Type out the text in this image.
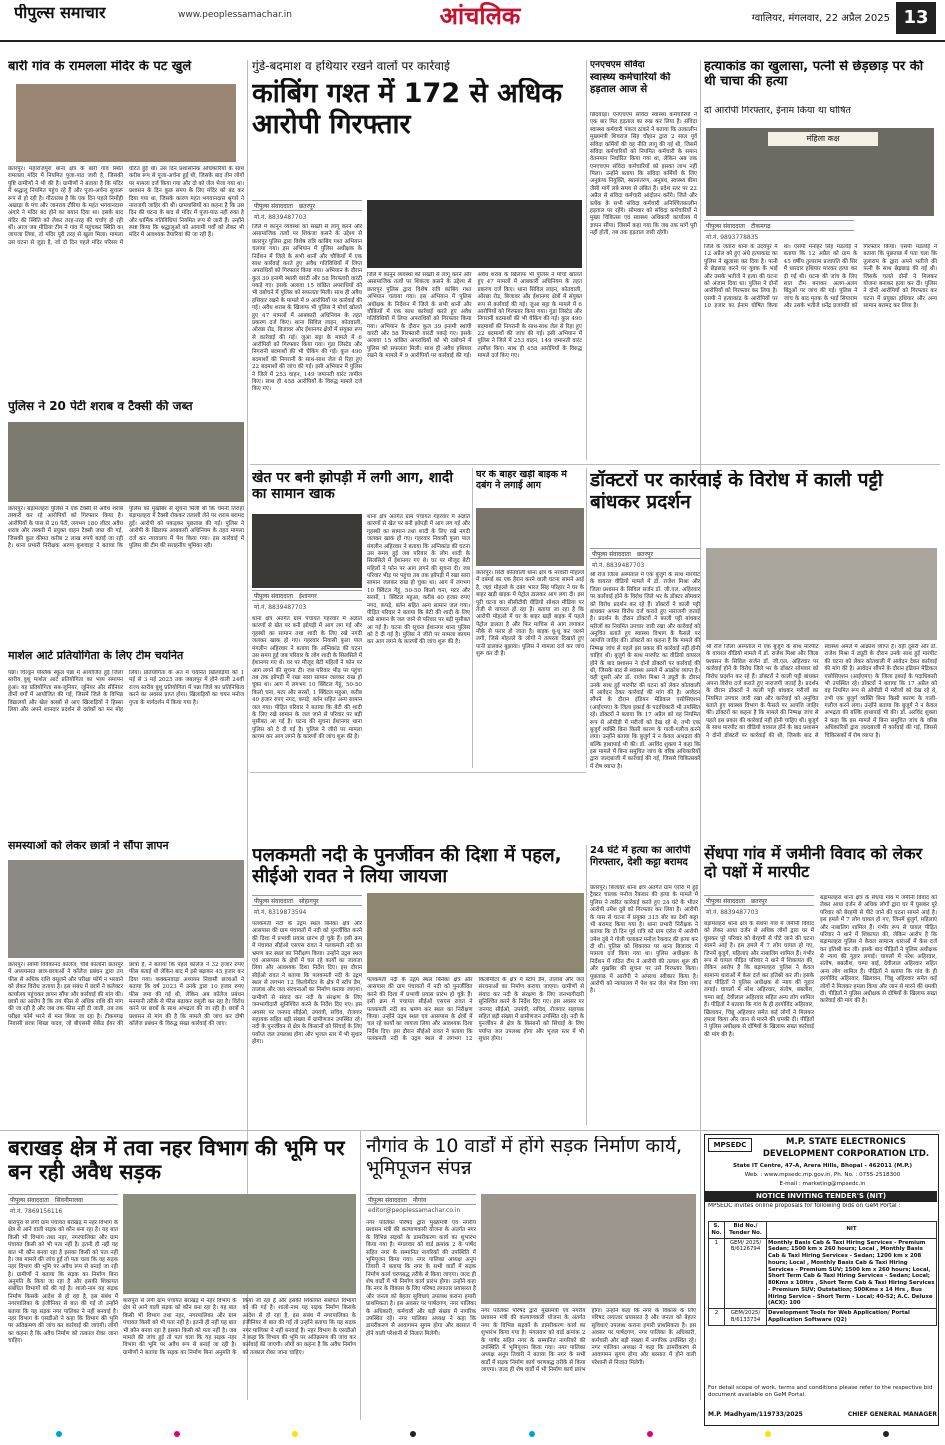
पीपुल्स समाचार	www.peoplessamachar.in	आंचलिक	ग्वालियर, मंगलवार, 22 अप्रैल 2025 13
बारी गांव के रामलला मंदिर के पट खुले
छतरपुर। महाराजपुरा थाना क्षेत्र के बारी गांव स्थित रामलला मंदिर में नियमित पूजा-पाठ जारी है, जिसकी पुष्टि ग्रामीणों ने भी की है। ग्रामीणों ने बताया है कि मंदिर में श्रद्धालु नियमित पहुंच रहे हैं और पूजा-अर्चना सुचारू रूप से हो रही है। गौरतलब है कि एक दिन पहले निर्मोही अखाड़ा के पंच और जानराय टौरिया के महंत भगवानदास अंगारे ने मंदिर बंद होने का बयान दिया था। इसके बाद मंदिर की स्थिति को लेकर तरह-तरह की चर्चाएं हो रही थीं। आज जब मीडिया टीम ने गांव में पहुंचकर स्थिति का जायजा लिया, तो मंदिर पूरी तरह से खुला मिला। मामला उस घटना से जुड़ा है, जो दो दिन पहले मंदिर परिसर में घटित हुई थी। उस दिन प्रशासनिक अधिकारियों के साथ करीब रूप से पूजा-अर्चना हुई थी, जिसके बाद तीन लोगों पर मामला दर्ज किया गया और दो को जेल भेजा गया था। प्रशासन के दिन कुछ समय के लिए मंदिर को बंद कर दिया गया था, जिसके कारण महंत भगवानदास श्रृंगारे ने नाराजगी जाहिर की थी। ग्रामवासियों का कहना है कि उस दिन की घटना के बाद से मंदिर में पूजा-पाठ नहीं रुका है और धार्मिक गतिविधियां नियमित रूप से जारी हैं। उन्होंने स्पष्ट किया कि श्रद्धालुओं को आगामी पर्वों को लेकर भी मंदिर में आवश्यक तैयारियां की जा रही हैं।
पुलिस ने 20 पेटी शराब व टैक्सी की जब्त
छतरपुर। बड़ामलहरा पुलिस ने एक टैक्सी से अवैध शराब तस्करी कर रहे आरोपियों को गिरफ्तार किया है। आरोपियों के पास से 20 पेटी, लगभग 180 लीटर अवैध शराब और तस्करी में प्रयुक्त वाहन टैक्सी जब्त की गई, जिसकी कुल कीमत करीब 2 लाख रुपये बताई जा रही है। थाना प्रभारी निरीक्षक अरुण कुशवाहा ने बताया कि पुलिस को मुखबिर से सूचना मिली थी कि चमनी तिराहा बड़ामलहरा में टैक्सी रोककर तलाशी लेने पर शराब बरामद हुई। आरोपी को पकड़कर पूछताछ की गई। पुलिस ने आरोपी के खिलाफ आबकारी अधिनियम के तहत मामला दर्ज कर न्यायालय में पेश किया गया। इस कार्रवाई में पुलिस की टीम की सराहनीय भूमिका रही।
मार्शल आर्ट प्रतियोगिता के लिए टीम चयनित
पन्ना। चिल्ड्रन पब्लिक स्कूल पन्ना में आयोजित हुई जिला स्तरीय वुशु मार्शल आर्ट प्रतियोगिता का भव्य समापन हुआ। यह प्रतियोगिता सब-जूनियर, जूनियर और सीनियर तीनों वर्गों में आयोजित की गई, जिसमें जिले के विभिन्न विद्यालयों और खेल क्लबों से आए खिलाड़ियों ने हिस्सा लिया और अपने शानदार प्रदर्शन से दर्शकों का मन मोह लिया। प्रतियोगिता के अंत में चयनित खिलाड़ियों को 1 मई से 3 मई 2025 तक जबलपुर में होने वाली 24वीं राज्य स्तरीय वुशु प्रतियोगिता में पन्ना जिले का प्रतिनिधित्व करने का अवसर प्राप्त होगा। खिलाड़ियों का चयन मनोज गुप्ता के मार्गदर्शन में किया गया है।
समस्याओं को लेकर छात्रों ने सौंपा ज्ञापन
छतरपुर। स्वामी विवेकानंद कॉलेज, चौबे कॉलोनी छतरपुर में अध्ययनरत छात्र-छात्राओं ने कॉलेज प्रबंधन द्वारा तय फीस से अधिक राशि वसूलने और परीक्षा फॉर्म न भरवाने को लेकर विरोध जताया है। इस संबंध में छात्रों ने कलेक्टर कार्यालय पहुंचकर ज्ञापन सौंपा और कार्रवाई की मांग की। छात्रों का आरोप है कि तय फीस से अधिक राशि की मांग की जा रही है और जब तक फीस नहीं दी जाती, तब तक परीक्षा फॉर्म भरने से मना किया जा रहा है। टीकमगढ़ निवासी छात्रा शिखा यादव, जो बीएससी सेकेंड ईयर की छात्रा है, ने बताया कि पहले कॉलेज ने 32 हजार रुपए फीस बताई थी लेकिन बाद में इसे बढ़ाकर 45 हजार कर दिया गया। कक्कनवाड़ा अध्ययन निवासी छात्राओं ने बताया कि वर्ष 2023 में उनके द्वारा 10 हजार रुपए फीस जमा की गई थी, लेकिन अब कॉलेज प्रबंधन मनमानी तरीके से फीस बढ़ाकर वसूली कर रहा है। विरोध करने पर छात्रों के साथ अभद्रता की जा रही है। छात्रों ने प्रशासन से मांग की है कि मामले की जांच कर दोषी कॉलेज प्रबंधन के विरुद्ध सख्त कार्रवाई की जाए।
गुंडे-बदमाश व हथियार रखने वालों पर कार्रवाई
कांबिंग गश्त में 172 से अधिक आरोपी गिरफ्तार
पीपुल्स संवाददाता छतरपुर
मो.नं. 8839487703
जिले में कानून व्यवस्था को सख्ती से लागू करने और असामाजिक तत्वों पर शिकंजा कसने के उद्देश्य से छतरपुर पुलिस द्वारा विशेष रात्रि कांबिंग गश्त अभियान चलाया गया। इस अभियान में पुलिस अधीक्षक के निर्देशन में जिले के सभी थानों और चौकियों में एक साथ कार्रवाई करते हुए अवैध गतिविधियों में लिप्त अपराधियों को गिरफ्तार किया गया। अभियान के दौरान कुल 39 इनामी स्थायी वारंटी और 58 गिरफ्तारी वारंटी पकड़े गए। इसके अलावा 15 वांछित अपराधियों को भी दबोचने में पुलिस को सफलता मिली। साथ ही अवैध हथियार रखने के मामले में 9 आरोपियों पर कार्रवाई की गई। अवैध शराब के खिलाफ भी पुलिस ने मोर्चा खोलते हुए 47 मामलों में आबकारी अधिनियम के तहत प्रकरण दर्ज किए। थाना सिविल लाइन, कोतवाली, ओरछा रोड, बिजावर और ईशानगर क्षेत्रों में संयुक्त रूप से कार्रवाई की गई। जुआ सट्टा के मामले में 6 आरोपियों को गिरफ्तार किया गया। गुंडा लिस्टेड और निगरानी बदमाशों की भी चेकिंग की गई। कुल 490 बदमाशों की निगरानी के साथ-साथ जेल से रिहा हुए 22 बदमाशों की जांच की गई। इसी अभियान में पुलिस ने जिले में 253 वाहन, 149 जमानती वारंट तामील किए। साथ ही 458 आरोपियों के विरुद्ध मामले दर्ज किए गए।
जिले में कानून व्यवस्था को सख्ती से लागू करने और असामाजिक तत्वों पर शिकंजा कसने के उद्देश्य से छतरपुर पुलिस द्वारा विशेष रात्रि कांबिंग गश्त अभियान चलाया गया। इस अभियान में पुलिस अधीक्षक के निर्देशन में जिले के सभी थानों और चौकियों में एक साथ कार्रवाई करते हुए अवैध गतिविधियों में लिप्त अपराधियों को गिरफ्तार किया गया। अभियान के दौरान कुल 39 इनामी स्थायी वारंटी और 58 गिरफ्तारी वारंटी पकड़े गए। इसके अलावा 15 वांछित अपराधियों को भी दबोचने में पुलिस को सफलता मिली। साथ ही अवैध हथियार रखने के मामले में 9 आरोपियों पर कार्रवाई की गई। अवैध शराब के खिलाफ भी पुलिस ने मोर्चा खोलते हुए 47 मामलों में आबकारी अधिनियम के तहत प्रकरण दर्ज किए। थाना सिविल लाइन, कोतवाली, ओरछा रोड, बिजावर और ईशानगर क्षेत्रों में संयुक्त रूप से कार्रवाई की गई। जुआ सट्टा के मामले में 6 आरोपियों को गिरफ्तार किया गया। गुंडा लिस्टेड और निगरानी बदमाशों की भी चेकिंग की गई। कुल 490 बदमाशों की निगरानी के साथ-साथ जेल से रिहा हुए 22 बदमाशों की जांच की गई। इसी अभियान में पुलिस ने जिले में 253 वाहन, 149 जमानती वारंट तामील किए। साथ ही 458 आरोपियों के विरुद्ध मामले दर्ज किए गए।
एनएचएम संविदा
स्वास्थ्य कर्मचारियों की हड़ताल आज से
छिंदवाड़ा। एनएचएम संविदा स्वास्थ्य कर्मचारियों ने एक बार फिर हड़ताल का रुख कर लिया है। संविदा स्वास्थ्य कर्मचारी पंकज ठाकरे ने बताया कि तत्कालीन मुख्यमंत्री शिवराज सिंह चौहान द्वारा 2 साल पूर्व संविदा कर्मियों की वह नीति लागू की गई थी, जिसमें संविदा कर्मचारियों को नियमित कर्मचारी के समान वेतनमान निर्धारित किया गया था, लेकिन अब तक एनएचएम संविदा कर्मचारियों को इसका लाभ नहीं मिला। उन्होंने बताया कि संविदा कर्मियों के लिए अनुकंपा नियुक्ति, स्थानांतरण, अनुबंध, स्वास्थ्य बीमा जैसी मांगें लंबे समय से लंबित हैं। प्रदेश स्तर पर 22 अप्रैल से संविदा कर्मचारी आंदोलन करेंगे। जिले और ब्लॉक के सभी संविदा कर्मचारी अनिश्चितकालीन हड़ताल पर रहेंगे। सोमवार को संविदा कर्मचारियों ने मुख्य चिकित्सा एवं स्वास्थ्य अधिकारी कार्यालय में ज्ञापन सौंपा। जिसमें कहा गया कि जब तक मांगें पूरी नहीं होतीं, तब तक हड़ताल जारी रहेगी।
हत्याकांड का खुलासा, पत्नी से छेड़छाड़ पर की थी चाचा की हत्या
दो आरोपी गिरफ्तार, ईनाम किया था घोषित
मंहिला कक्ष
पीपुल्स संवाददाता टीकमगढ़
मो.नं. 9893778835
जिले के जतारा थाना के उदयपुर में 12 अप्रैल को हुए अंधे हत्याकांड का पुलिस ने खुलासा कर दिया है। पत्नी से छेड़छाड़ करने पर युवक के भाई और उसके भतीजे ने हत्या की घटना को अंजाम दिया था। पुलिस ने दोनों आरोपियों को गिरफ्तार कर लिया है। एसपी ने हत्याकांड के आरोपियों पर 10 हजार का ईनाम घोषित किया था। एसपी मनोहर सिंह मंडलोई ने बताया कि 12 अप्रैल को ग्राम के 45 वर्षीय तुलाराम प्रजापति की सिर में धारदार हथियार मारकर हत्या कर दी गई थी। घटना की जांच के लिए सात टीम बनाकर अलग-अलग बिंदुओं पर जांच की गई। पुलिस ने जांच के बाद मृतक के भाई सियाराम और उसके भतीजे धनेंद्र प्रजापति को गिरफ्तार किया। एसपी मंडलोई ने बताया कि पूछताछ में पता चला कि तुलाराम के द्वारा अपने भतीजे की पत्नी के साथ छेड़छाड़ की गई थी। जिसके चलते दोनों ने मिलकर योजना बनाकर हत्या कर दी। पुलिस ने दोनों आरोपियों को गिरफ्तार कर घटना में प्रयुक्त हथियार और अन्य सामान बरामद कर लिया है।
खेत पर बनी झोपड़ी में लगी आग, शादी का सामान खाक
पीपुल्स संवाददाता ईशानगर
मो.नं. 8839487703
थाना क्षेत्र अंतर्गत ग्राम पंचायत गहरवार में अज्ञात कारणों से खेत पर बनी झोपड़ी में आग लग गई और गृहस्थी का सामान तथा शादी के लिए रखे नगदी जलकर खाक हो गए। गहरवार निवासी फूला पाल मंगलीन अहिरवार ने बताया कि अग्निकांड की घटना उस समय हुई जब परिवार के लोग शादी के सिलसिले में ईशानगर गए थे। घर पर मौजूद बेटी महिलों ने फोन पर आग लगने की सूचना दी। जब परिवार भीड़ पर पहुंचा तब तक झोपड़ी में रखा सारा सामान जलकर राख हो चुका था। आग में लगभग 10 क्विंटल गेहूं, 50-50 किलो चना, मटर और सरसों, 1 क्विंटल महुआ, करीब 40 हजार रुपए नगद, कपड़े, बर्तन सहित अन्य सामान जल गया। पीड़ित परिवार ने बताया कि बेटी की शादी के लिए रखे सामान के जल जाने से परिवार पर बड़ी मुसीबत आ गई है। घटना की सूचना ईशानगर थाना पुलिस को दे दी गई है। पुलिस ने जीरो पर मामला कायम कर आग लगने के कारणों की जांच शुरू की है।
थाना क्षेत्र अंतर्गत ग्राम पंचायत गहरवार में अज्ञात कारणों से खेत पर बनी झोपड़ी में आग लग गई और गृहस्थी का सामान तथा शादी के लिए रखे नगदी जलकर खाक हो गए। गहरवार निवासी फूला पाल मंगलीन अहिरवार ने बताया कि अग्निकांड की घटना उस समय हुई जब परिवार के लोग शादी के सिलसिले में ईशानगर गए थे। घर पर मौजूद बेटी महिलों ने फोन पर आग लगने की सूचना दी। जब परिवार भीड़ पर पहुंचा तब तक झोपड़ी में रखा सारा सामान जलकर राख हो चुका था। आग में लगभग 10 क्विंटल गेहूं, 50-50 किलो चना, मटर और सरसों, 1 क्विंटल महुआ, करीब 40 हजार रुपए नगद, कपड़े, बर्तन सहित अन्य सामान जल गया। पीड़ित परिवार ने बताया कि बेटी की शादी के लिए रखे सामान के जल जाने से परिवार पर बड़ी मुसीबत आ गई है। घटना की सूचना ईशानगर थाना पुलिस को दे दी गई है। पुलिस ने जीरो पर मामला कायम कर आग लगने के कारणों की जांच शुरू की है।
घर के बाहर खड़ी बाइक में दबंग ने लगाई आग
छतरपुर। सिटी कोतवाली थाना क्षेत्र के नरवारी मोहल्ले में दबंगई का एक हैरान करने वाली घटना सामने आई है, जहां मोहल्ले के दबंग भारत सिंह परिहार ने घर के बाहर खड़ी बाइक में पेट्रोल डालकर आग लगा दी। इस पूरी घटना का सीसीटीवी वीडियो सोशल मीडिया पर तेजी से वायरल हो रहा है। बताया जा रहा है कि आरोपी मोहल्ले में घर के बाहर खड़ी बाइक में पहले पेट्रोल डालता है और फिर माचिस से आग लगाकर मौके से फरार हो जाता है। बाइक धू-धू कर जलने लगी, जिसे मोहल्ले के लोगों ने तत्परता दिखाते हुए पानी डालकर बुझाया। पुलिस ने मामला दर्ज कर जांच शुरू कर दी है।
डॉक्टरों पर कार्रवाई के विरोध में काली पट्टी बांधकर प्रदर्शन
पीपुल्स संवाददाता छतरपुर
मो.नं. 8839487703
श्री रोज जिला अस्पताल में एक बुजुर्ग के साथ मारपीट के वायरल वीडियो मामले में डॉ. राजेश मिश्रा और जिला प्रशासन के सिविल सर्जन डॉ. जी.एल. अहिरवार पर कार्रवाई होने के विरोध जिले भर के डॉक्टर सोमवार को विरोध प्रदर्शन कर रहे हैं। डॉक्टरों ने काली पट्टी बांधकर अपना विरोध दर्ज कराते हुए नाराजगी जताई है। प्रदर्शन के दौरान डॉक्टरों ने काली पट्टी बांधकर मरीजों का नियमित उपचार जारी रखा और कार्रवाई को अनुचित बताते हुए स्वास्थ्य विभाग के फैसले पर आपत्ति जाहिर की। डॉक्टरों का कहना है कि मामले की निष्पक्ष जांच से पहले इस प्रकार की कार्रवाई नहीं होनी चाहिए थी। बुजुर्ग के साथ मारपीट का वीडियो वायरल होने के बाद प्रशासन ने दोनों डॉक्टरों पर कार्रवाई की थी, जिसके बाद से स्वास्थ्य अमले में आक्रोश व्याप्त है। वहीं दूसरी ओर डॉ. राजेश मिश्रा ने ड्यूटी के दौरान उनके साथ हुई मारपीट की घटना को लेकर कोतवाली में आवेदन देकर कार्रवाई की मांग की है। आवेदन सौंपने के दौरान इंडियन मेडिकल एसोसिएशन (आईएमए) के जिला इकाई के पदाधिकारी भी उपस्थित रहे। डॉक्टरों ने बताया कि 17 अप्रैल को वह नियमित रूप से ओपीडी में मरीजों को देख रहे थे, तभी एक बुजुर्ग व्यक्ति बिना किसी कारण के गाली-गलौज करने लगा। उन्होंने बताया कि बुजुर्ग ने न केवल अभद्रता की बल्कि हाथापाई भी की। डॉ. अरविंद शुक्ला ने कहा कि इस मामले में बिना समुचित जांच के वरिष्ठ अधिकारियों द्वारा जल्दबाजी में कार्रवाई की गई, जिससे चिकित्सकों में रोष व्याप्त है।
श्री रोज जिला अस्पताल में एक बुजुर्ग के साथ मारपीट के वायरल वीडियो मामले में डॉ. राजेश मिश्रा और जिला प्रशासन के सिविल सर्जन डॉ. जी.एल. अहिरवार पर कार्रवाई होने के विरोध जिले भर के डॉक्टर सोमवार को विरोध प्रदर्शन कर रहे हैं। डॉक्टरों ने काली पट्टी बांधकर अपना विरोध दर्ज कराते हुए नाराजगी जताई है। प्रदर्शन के दौरान डॉक्टरों ने काली पट्टी बांधकर मरीजों का नियमित उपचार जारी रखा और कार्रवाई को अनुचित बताते हुए स्वास्थ्य विभाग के फैसले पर आपत्ति जाहिर की। डॉक्टरों का कहना है कि मामले की निष्पक्ष जांच से पहले इस प्रकार की कार्रवाई नहीं होनी चाहिए थी। बुजुर्ग के साथ मारपीट का वीडियो वायरल होने के बाद प्रशासन ने दोनों डॉक्टरों पर कार्रवाई की थी, जिसके बाद से स्वास्थ्य अमले में आक्रोश व्याप्त है। वहीं दूसरी ओर डॉ. राजेश मिश्रा ने ड्यूटी के दौरान उनके साथ हुई मारपीट की घटना को लेकर कोतवाली में आवेदन देकर कार्रवाई की मांग की है। आवेदन सौंपने के दौरान इंडियन मेडिकल एसोसिएशन (आईएमए) के जिला इकाई के पदाधिकारी भी उपस्थित रहे। डॉक्टरों ने बताया कि 17 अप्रैल को वह नियमित रूप से ओपीडी में मरीजों को देख रहे थे, तभी एक बुजुर्ग व्यक्ति बिना किसी कारण के गाली-गलौज करने लगा। उन्होंने बताया कि बुजुर्ग ने न केवल अभद्रता की बल्कि हाथापाई भी की। डॉ. अरविंद शुक्ला ने कहा कि इस मामले में बिना समुचित जांच के वरिष्ठ अधिकारियों द्वारा जल्दबाजी में कार्रवाई की गई, जिससे चिकित्सकों में रोष व्याप्त है।
पलकमती नदी के पुनर्जीवन की दिशा में पहल, सीईओ रावत ने लिया जायजा
पीपुल्स संवाददाता सोहागपुर
मो.नं. 8319873594
पलकमती नदी के उद्गम स्थल बिनेका क्षेत्र और आसपास की ग्राम पंचायतों में नदी को पुनर्जीवित करने की दिशा में प्रभावी प्रयास प्रारंभ हो चुके हैं। इसी क्रम में पंचायत सीईओ एसएस रावत ने पलकमती नदी का भ्रमण कर स्थल का निरीक्षण किया। उन्होंने उद्गम स्थल एवं आसपास के क्षेत्रों में चल रहे कार्यों का जायजा लिया और आवश्यक दिशा निर्देश दिए। इस दौरान सीईओ रावत ने बताया कि पलकमती नदी के उद्गम स्थल से लगभग 12 किलोमीटर के क्षेत्र में स्टॉप डैम, तालाब और जल संरचनाओं का निर्माण कराया जाएगा। ग्रामीणों से संवाद कर नदी के संरक्षण के लिए जनभागीदारी सुनिश्चित करने के निर्देश दिए गए। इस अवसर पर जनपद सीईओ, उपयंत्री, सचिव, रोजगार सहायक सहित बड़ी संख्या में ग्रामीणजन उपस्थित रहे। नदी के पुनर्जीवन से क्षेत्र के किसानों को सिंचाई के लिए पर्याप्त जल उपलब्ध होगा और भूजल स्तर में भी सुधार होगा।
पलकमती नदी के उद्गम स्थल बिनेका क्षेत्र और आसपास की ग्राम पंचायतों में नदी को पुनर्जीवित करने की दिशा में प्रभावी प्रयास प्रारंभ हो चुके हैं। इसी क्रम में पंचायत सीईओ एसएस रावत ने पलकमती नदी का भ्रमण कर स्थल का निरीक्षण किया। उन्होंने उद्गम स्थल एवं आसपास के क्षेत्रों में चल रहे कार्यों का जायजा लिया और आवश्यक दिशा निर्देश दिए। इस दौरान सीईओ रावत ने बताया कि पलकमती नदी के उद्गम स्थल से लगभग 12 किलोमीटर के क्षेत्र में स्टॉप डैम, तालाब और जल संरचनाओं का निर्माण कराया जाएगा। ग्रामीणों से संवाद कर नदी के संरक्षण के लिए जनभागीदारी सुनिश्चित करने के निर्देश दिए गए। इस अवसर पर जनपद सीईओ, उपयंत्री, सचिव, रोजगार सहायक सहित बड़ी संख्या में ग्रामीणजन उपस्थित रहे। नदी के पुनर्जीवन से क्षेत्र के किसानों को सिंचाई के लिए पर्याप्त जल उपलब्ध होगा और भूजल स्तर में भी सुधार होगा।
24 घंटे में हत्या का आरोपी गिरफ्तार, देशी कट्टा बरामद
छतरपुर। बिजावर थाना क्षेत्र अंतर्गत ग्राम एरोरा में हुई ट्रैक्टर चालक मनोज रैकवार की हत्या के मामले में पुलिस ने त्वरित कार्रवाई करते हुए 24 घंटे के भीतर आरोपी उमेश दुबे को गिरफ्तार कर लिया है। आरोपी के पास से घटना में प्रयुक्त 315 बोर का देशी कट्टा भी बरामद किया गया है। थाना प्रभारी निरीक्षक ने बताया कि दो दिन पूर्व रात्रि को ग्राम एरोरा में आरोपी उमेश दुबे ने गोली चलाकर मनोज रैकवार की हत्या कर दी थी। पुलिस को शिकायत पर थाना बिजावर में मामला दर्ज किया गया था। पुलिस अधीक्षक के निर्देशन में गठित टीम ने आरोपी की तलाश शुरू की और मुखबिर की सूचना पर उसे गिरफ्तार किया। पूछताछ में आरोपी ने अपराध स्वीकार किया है। आरोपी को न्यायालय में पेश कर जेल भेज दिया गया है।
सेंधपा गांव में जमीनी विवाद को लेकर दो पक्षों में मारपीट
पीपुल्स संवाददाता छतरपुर
मो.नं. 8839487703
बड़ामलहरा थाना क्षेत्र के सेंधपा गांव में जमीनी विवाद को लेकर आधा दर्जन से अधिक लोगों द्वारा घर में घुसकर पूरे परिवार को बेरहमी से पीटे जाने की घटना सामने आई है। इस हमले में 7 लोग घायल हो गए, जिनमें बुजुर्ग, महिलाएं और नाबालिग शामिल हैं। गंभीर रूप से घायल पीड़ित परिवार ने थाने में शिकायत की, लेकिन आरोप है कि बड़ामलहरा पुलिस ने केवल सामान्य धाराओं में केस दर्ज कर इतिश्री कर ली। इसके बाद पीड़ितों ने पुलिस अधीक्षक से न्याय की गुहार लगाई। घायलों में नरेश अहिरवार, संतोष, बबलीश, चम्पा बाई, देवीलाल अहिरवार सहित अन्य लोग शामिल हैं। पीड़ितों ने बताया कि गांव के ही हरगोविंद अहिरवार, खिलावन, चिन्नू अहिरवार समेत कई लोगों ने मिलकर हमला किया और जान से मारने की धमकी दी। पीड़ितों ने पुलिस अधीक्षक से दोषियों के खिलाफ सख्त कार्रवाई की मांग की है।
बड़ामलहरा थाना क्षेत्र के सेंधपा गांव में जमीनी विवाद को लेकर आधा दर्जन से अधिक लोगों द्वारा घर में घुसकर पूरे परिवार को बेरहमी से पीटे जाने की घटना सामने आई है। इस हमले में 7 लोग घायल हो गए, जिनमें बुजुर्ग, महिलाएं और नाबालिग शामिल हैं। गंभीर रूप से घायल पीड़ित परिवार ने थाने में शिकायत की, लेकिन आरोप है कि बड़ामलहरा पुलिस ने केवल सामान्य धाराओं में केस दर्ज कर इतिश्री कर ली। इसके बाद पीड़ितों ने पुलिस अधीक्षक से न्याय की गुहार लगाई। घायलों में नरेश अहिरवार, संतोष, बबलीश, चम्पा बाई, देवीलाल अहिरवार सहित अन्य लोग शामिल हैं। पीड़ितों ने बताया कि गांव के ही हरगोविंद अहिरवार, खिलावन, चिन्नू अहिरवार समेत कई लोगों ने मिलकर हमला किया और जान से मारने की धमकी दी। पीड़ितों ने पुलिस अधीक्षक से दोषियों के खिलाफ सख्त कार्रवाई की मांग की है।
बराखड़ क्षेत्र में तवा नहर विभाग की भूमि पर बन रही अवैध सड़क
पीपुल्स संवाददाता सिवनीमालवा
मो.नं. 7869156116
बारापुरा से लगी ग्राम पंचायत बराखड़ में नहर विभाग के क्षेत्र से आने वाली सड़क को कौन बना रहा है। यह बात किसी भी विभाग तथा नहर, नगरपालिका और ग्राम पंचायत किसी को भी पता नहीं है। इतनी ही नहीं यह बात भी कौन बनवा रहा है इसका किसी को पता नहीं है। जब मामले की जांच हुई तो पता चला कि यह सड़क नहर विभाग की भूमि पर अवैध रूप से बनाई जा रही है। ग्रामीणों ने बताया कि सड़क का निर्माण बिना अनुमति के किया जा रहा है और इसकी शिकायत संबंधित विभागों को की गई है। शालो-नाम यह सड़क निर्माण किसके आदेश से हो रहा है, इस संबंध में नगरपालिका के इंजीनियर से बात की गई तो उन्होंने बताया कि यह सड़क नगर पालिका ने नहीं बनवाई है। नहर विभाग के एसडीओ ने कहा कि विभाग की भूमि पर अतिक्रमण की जांच कर कार्रवाई की जाएगी। लोगों का कहना है कि अवैध निर्माण को तत्काल रोका जाना चाहिए।
बारापुरा से लगी ग्राम पंचायत बराखड़ में नहर विभाग के क्षेत्र से आने वाली सड़क को कौन बना रहा है। यह बात किसी भी विभाग तथा नहर, नगरपालिका और ग्राम पंचायत किसी को भी पता नहीं है। इतनी ही नहीं यह बात भी कौन बनवा रहा है इसका किसी को पता नहीं है। जब मामले की जांच हुई तो पता चला कि यह सड़क नहर विभाग की भूमि पर अवैध रूप से बनाई जा रही है। ग्रामीणों ने बताया कि सड़क का निर्माण बिना अनुमति के किया जा रहा है और इसकी शिकायत संबंधित विभागों को की गई है। शालो-नाम यह सड़क निर्माण किसके आदेश से हो रहा है, इस संबंध में नगरपालिका के इंजीनियर से बात की गई तो उन्होंने बताया कि यह सड़क नगर पालिका ने नहीं बनवाई है। नहर विभाग के एसडीओ ने कहा कि विभाग की भूमि पर अतिक्रमण की जांच कर कार्रवाई की जाएगी। लोगों का कहना है कि अवैध निर्माण को तत्काल रोका जाना चाहिए।
नौगांव के 10 वार्डों में होंगे सड़क निर्माण कार्य, भूमिपूजन संपन्न
पीपुल्स संवाददाता नौगांव
editor@peoplessamachar.co.in
नगर पालिका परिषद द्वारा मुख्यमंत्री एवं नगरीय प्रशासन मंत्री की कल्याणकारी योजना के अंतर्गत नगर के विभिन्न सड़कों के डामरीकरण कार्य का शुभारंभ किया गया है। मंगलवार को वार्ड क्रमांक 2 के पार्षद सहित नगर के सम्मानित नागरिकों की उपस्थिति में भूमिपूजन किया गया। नगर पालिका अध्यक्ष अनूप तिवारी ने बताया कि नगर के सभी वार्डों में सड़क निर्माण कार्य चरणबद्ध तरीके से किया जाएगा। जल्द ही शेष वार्डों में भी निर्माण कार्य प्रारंभ होगा। उन्होंने कहा कि नगर के विकास के लिए परिषद लगातार प्रयासरत है और जनता को बेहतर सुविधाएं उपलब्ध कराना हमारी प्राथमिकता है। इस अवसर पर पार्षदगण, नगर पालिका के अधिकारी, कर्मचारी और बड़ी संख्या में नागरिक उपस्थित रहे। नगर पालिका अध्यक्ष ने कहा कि डामरीकरण से आवागमन सुगम होगा और बरसात में होने वाली परेशानी से निजात मिलेगी।
नगर पालिका परिषद द्वारा मुख्यमंत्री एवं नगरीय प्रशासन मंत्री की कल्याणकारी योजना के अंतर्गत नगर के विभिन्न सड़कों के डामरीकरण कार्य का शुभारंभ किया गया है। मंगलवार को वार्ड क्रमांक 2 के पार्षद सहित नगर के सम्मानित नागरिकों की उपस्थिति में भूमिपूजन किया गया। नगर पालिका अध्यक्ष अनूप तिवारी ने बताया कि नगर के सभी वार्डों में सड़क निर्माण कार्य चरणबद्ध तरीके से किया जाएगा। जल्द ही शेष वार्डों में भी निर्माण कार्य प्रारंभ होगा। उन्होंने कहा कि नगर के विकास के लिए परिषद लगातार प्रयासरत है और जनता को बेहतर सुविधाएं उपलब्ध कराना हमारी प्राथमिकता है। इस अवसर पर पार्षदगण, नगर पालिका के अधिकारी, कर्मचारी और बड़ी संख्या में नागरिक उपस्थित रहे। नगर पालिका अध्यक्ष ने कहा कि डामरीकरण से आवागमन सुगम होगा और बरसात में होने वाली परेशानी से निजात मिलेगी।
MPSEDC	M.P. STATE ELECTRONICS
DEVELOPMENT CORPORATION LTD.
State IT Centre, 47-A, Arera Hills, Bhopal - 462011 (M.P.)
Web. : www.mpsedc.mp.gov.in, Ph. No. : 0755-2518300
E-mail : marketing@mpsedc.in
NOTICE INVITING TENDER'S (NIT)
MPSEDC invites online proposals for following bids on GeM Portal :
S. No.	Bid No./ Tender No.	NIT
1	GEM/ 2025/ B/6126794	Monthly Basis Cab & Taxi Hiring Services - Premium Sedan; 1500 km x 260 hours; Local , Monthly Basis Cab & Taxi Hiring Services - Sedan; 1200 km x 208 hours; Local , Monthly Basis Cab & Taxi Hiring Services - Premium SUV; 1500 km x 260 hours; Local, Short Term Cab & Taxi Hiring Services - Sedan; Local; 80Kms x 10Hrs , Short Term Cab & Taxi Hiring Services - Premium SUV; Outstation; 500Kms x 14 Hrs , Bus Hiring Service - Short Term - Local; 40-52; A.C. Deluxe (ACX): 100
2	GEM/2025/ B/6133734	Development Tools for Web Application/ Portal Application Software (Q2)
For detail scope of work, terms and conditions please refer to the respective bid document available on GeM Portal.
M.P. Madhyam/119733/2025	CHIEF GENERAL MANAGER
